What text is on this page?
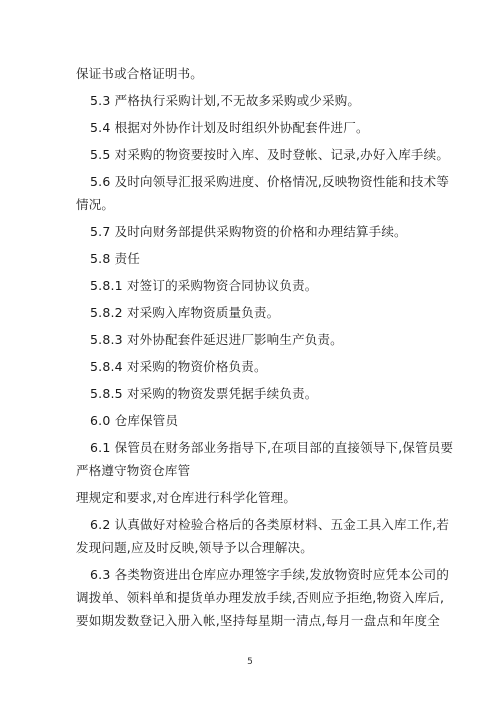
保证书或合格证明书。
5.3 严格执行采购计划,不无故多采购或少采购。
5.4 根据对外协作计划及时组织外协配套件进厂。
5.5 对采购的物资要按时入库、及时登帐、记录,办好入库手续。
5.6 及时向领导汇报采购进度、价格情况,反映物资性能和技术等
情况。
5.7 及时向财务部提供采购物资的价格和办理结算手续。
5.8 责任
5.8.1 对签订的采购物资合同协议负责。
5.8.2 对采购入库物资质量负责。
5.8.3 对外协配套件延迟进厂影响生产负责。
5.8.4 对采购的物资价格负责。
5.8.5 对采购的物资发票凭据手续负责。
6.0 仓库保管员
6.1 保管员在财务部业务指导下,在项目部的直接领导下,保管员要
严格遵守物资仓库管
理规定和要求,对仓库进行科学化管理。
6.2 认真做好对检验合格后的各类原材料、五金工具入库工作,若
发现问题,应及时反映,领导予以合理解决。
6.3 各类物资进出仓库应办理签字手续,发放物资时应凭本公司的
调拨单、领料单和提货单办理发放手续,否则应予拒绝,物资入库后,
要如期发数登记入册入帐,坚持每星期一清点,每月一盘点和年度全
5
